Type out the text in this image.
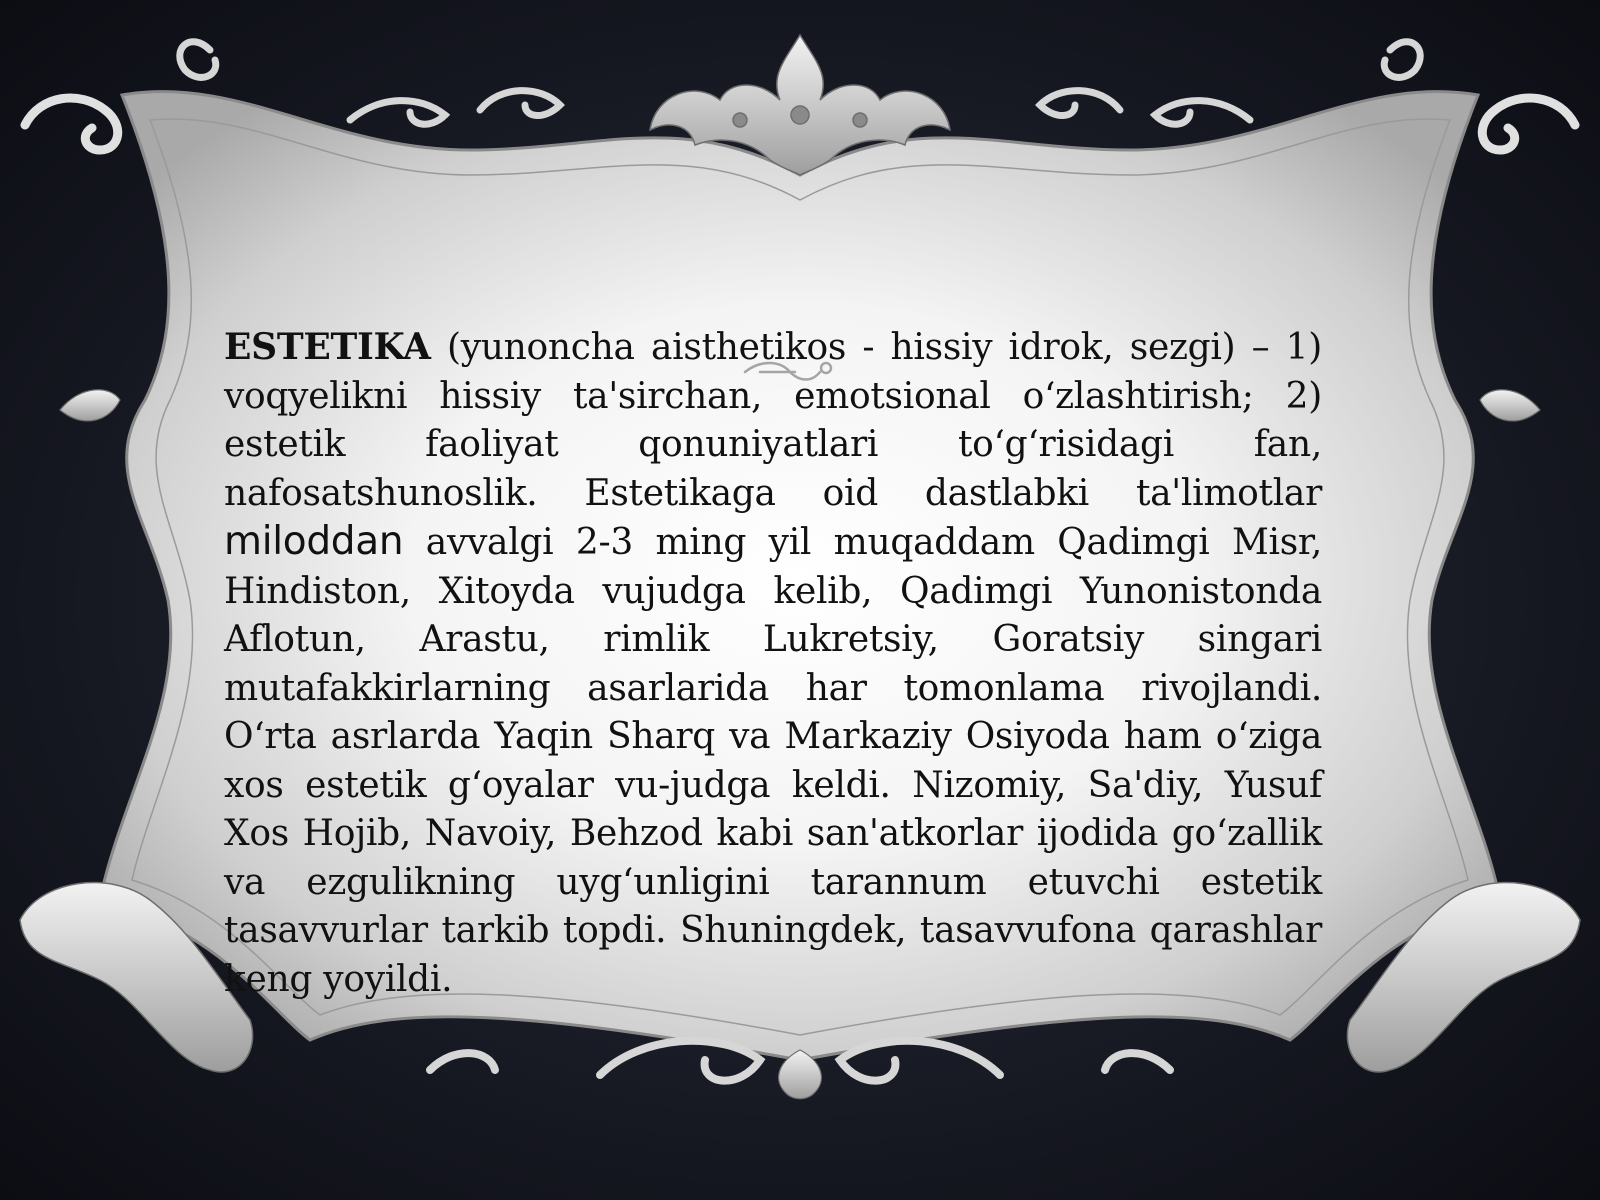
ESTETIKA (yunoncha aisthetikos - hissiy idrok, sezgi) – 1) voqyelikni hissiy ta'sirchan, emotsional o‘zlashtirish; 2) estetik faoliyat qonuniyatlari to‘g‘risidagi fan, nafosatshunoslik. Estetikaga oid dastlabki ta'limotlar miloddan avvalgi 2-3 ming yil muqaddam Qadimgi Misr, Hindiston, Xitoyda vujudga kelib, Qadimgi Yunonistonda Aflotun, Arastu, rimlik Lukretsiy, Goratsiy singari mutafakkirlarning asarlarida har tomonlama rivojlandi. O‘rta asrlarda Yaqin Sharq va Markaziy Osiyoda ham o‘ziga xos estetik g‘oyalar vu-judga keldi. Nizomiy, Sa'diy, Yusuf Xos Hojib, Navoiy, Behzod kabi san'atkorlar ijodida go‘zallik va ezgulikning uyg‘unligini tarannum etuvchi estetik tasavvurlar tarkib topdi. Shuningdek, tasavvufona qarashlar keng yoyildi.
